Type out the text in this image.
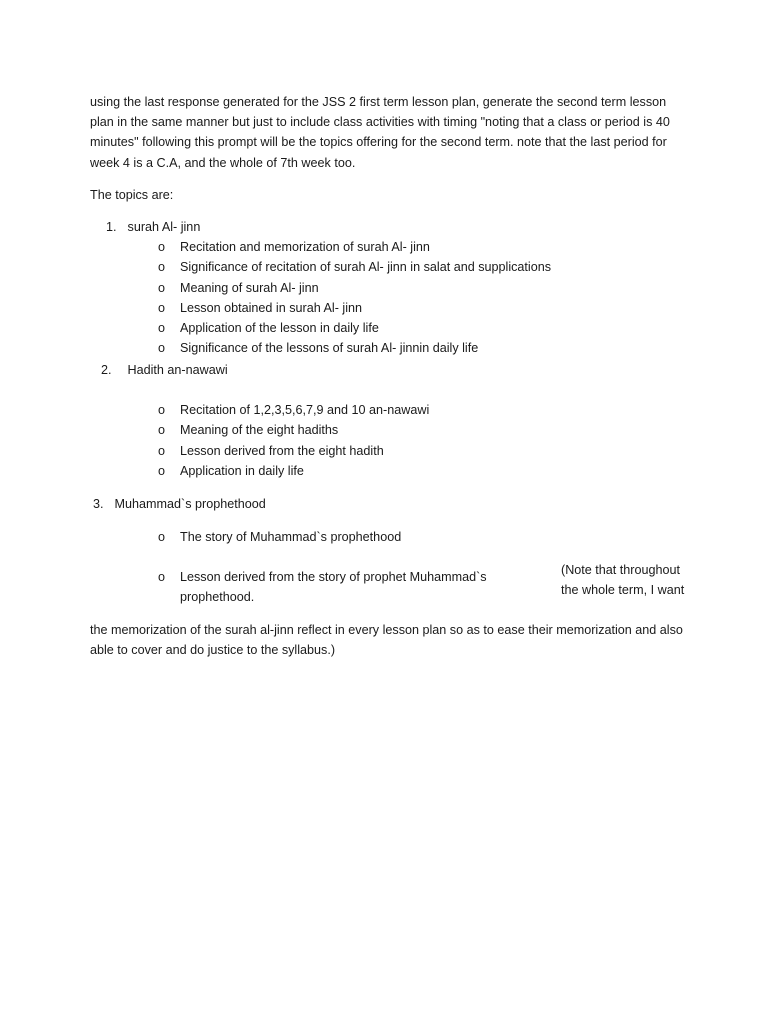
using the last response generated for the JSS 2 first term lesson plan, generate the second term lesson plan in the same manner but just to include class activities with timing "noting that a class or period is 40 minutes" following this prompt will be the topics offering for the second term. note that the last period for week 4 is a C.A, and the whole of 7th week too.

The topics are:

1. surah Al- jinn

o Recitation and memorization of surah Al- jinn
o Significance of recitation of surah Al- jinn in salat and supplications
o Meaning of surah Al- jinn
o Lesson obtained in surah Al- jinn
o Application of the lesson in daily life
o Significance of the lessons of surah Al- jinnin daily life

2. Hadith an-nawawi

o Recitation of 1,2,3,5,6,7,9 and 10 an-nawawi
o Meaning of the eight hadiths
o Lesson derived from the eight hadith
o Application in daily life

3. Muhammad`s prophethood

o The story of Muhammad`s prophethood
o Lesson derived from the story of prophet Muhammad`s prophethood.

(Note that throughout the whole term, I want

the memorization of the surah al-jinn reflect in every lesson plan so as to ease their memorization and also able to cover and do justice to the syllabus.)
